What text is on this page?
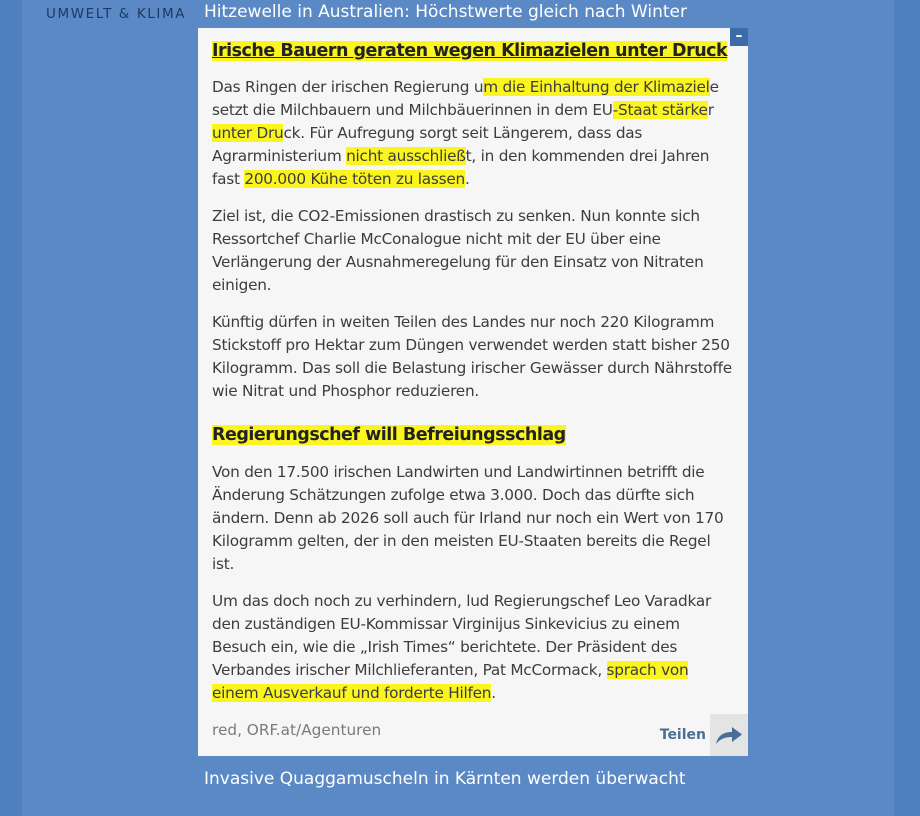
UMWELT & KLIMA Hitzewelle in Australien: Höchstwerte gleich nach Winter
–
Irische Bauern geraten wegen Klimazielen unter Druck

Das Ringen der irischen Regierung um die Einhaltung der Klimaziele setzt die Milchbauern und Milchbäuerinnen in dem EU-Staat stärker unter Druck. Für Aufregung sorgt seit Längerem, dass das Agrarministerium nicht ausschließt, in den kommenden drei Jahren fast 200.000 Kühe töten zu lassen.

Ziel ist, die CO2-Emissionen drastisch zu senken. Nun konnte sich Ressortchef Charlie McConalogue nicht mit der EU über eine Verlängerung der Ausnahmeregelung für den Einsatz von Nitraten einigen.

Künftig dürfen in weiten Teilen des Landes nur noch 220 Kilogramm Stickstoff pro Hektar zum Düngen verwendet werden statt bisher 250 Kilogramm. Das soll die Belastung irischer Gewässer durch Nährstoffe wie Nitrat und Phosphor reduzieren.

Regierungschef will Befreiungsschlag

Von den 17.500 irischen Landwirten und Landwirtinnen betrifft die Änderung Schätzungen zufolge etwa 3.000. Doch das dürfte sich ändern. Denn ab 2026 soll auch für Irland nur noch ein Wert von 170 Kilogramm gelten, der in den meisten EU-Staaten bereits die Regel ist.

Um das doch noch zu verhindern, lud Regierungschef Leo Varadkar den zuständigen EU-Kommissar Virginijus Sinkevicius zu einem Besuch ein, wie die „Irish Times“ berichtete. Der Präsident des Verbandes irischer Milchlieferanten, Pat McCormack, sprach von einem Ausverkauf und forderte Hilfen.

red, ORF.at/Agenturen	Teilen
Invasive Quaggamuscheln in Kärnten werden überwacht
